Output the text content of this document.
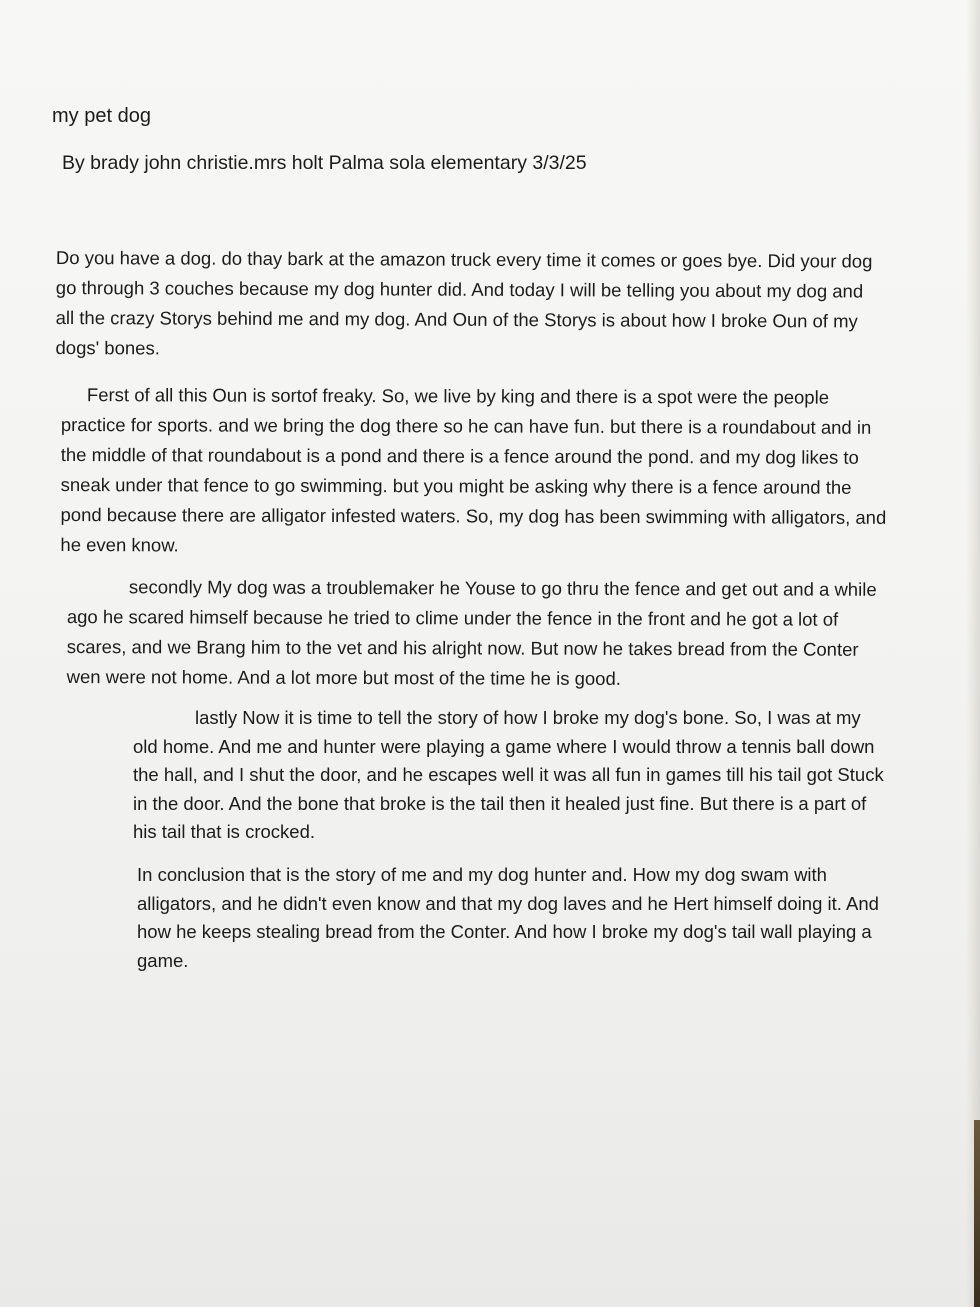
my pet dog
By brady john christie.mrs holt Palma sola elementary 3/3/25

Do you have a dog. do thay bark at the amazon truck every time it comes or goes bye. Did your dog go through 3 couches because my dog hunter did. And today I will be telling you about my dog and all the crazy Storys behind me and my dog. And Oun of the Storys is about how I broke Oun of my dogs' bones.

Ferst of all this Oun is sortof freaky. So, we live by king and there is a spot were the people practice for sports. and we bring the dog there so he can have fun. but there is a roundabout and in the middle of that roundabout is a pond and there is a fence around the pond. and my dog likes to sneak under that fence to go swimming. but you might be asking why there is a fence around the pond because there are alligator infested waters. So, my dog has been swimming with alligators, and he even know.

secondly My dog was a troublemaker he Youse to go thru the fence and get out and a while ago he scared himself because he tried to clime under the fence in the front and he got a lot of scares, and we Brang him to the vet and his alright now. But now he takes bread from the Conter wen were not home. And a lot more but most of the time he is good.

lastly Now it is time to tell the story of how I broke my dog's bone. So, I was at my old home. And me and hunter were playing a game where I would throw a tennis ball down the hall, and I shut the door, and he escapes well it was all fun in games till his tail got Stuck in the door. And the bone that broke is the tail then it healed just fine. But there is a part of his tail that is crocked.

In conclusion that is the story of me and my dog hunter and. How my dog swam with alligators, and he didn't even know and that my dog laves and he Hert himself doing it. And how he keeps stealing bread from the Conter. And how I broke my dog's tail wall playing a game.
